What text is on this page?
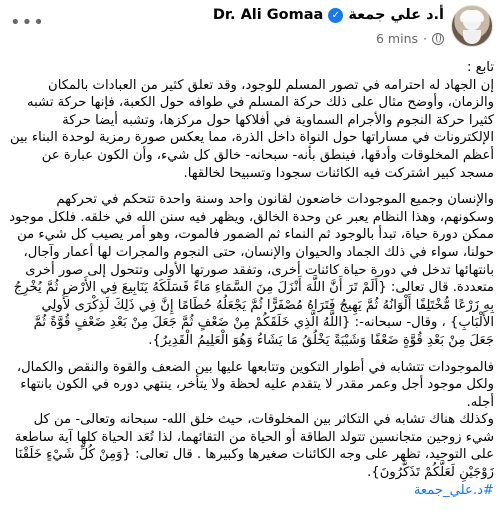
Dr. Ali Gomaa ✓ أ.د علي جمعة
6 mins ·
•••

تابع :

إن الجهاد له احترامه في تصور المسلم للوجود، وقد تعلق كثير من العبادات بالمكان والزمان، وأوضح مثال على ذلك حركة المسلم في طوافه حول الكعبة، فإنها حركة تشبه كثيرا حركة النجوم والأجرام السماوية في أفلاكها حول مركزها، وتشبه أيضا حركة الإلكترونات في مساراتها حول النواة داخل الذرة، مما يعكس صورة رمزية لوحدة البناء بين أعظم المخلوقات وأدقها، فينطق بأنه- سبحانه- خالق كل شيء، وأن الكون عبارة عن مسجد كبير اشتركت فيه الكائنات سجودا وتسبيحا لخالقها.

والإنسان وجميع الموجودات خاضعون لقانون واحد وسنة واحدة تتحكم في تحركهم وسكونهم، وهذا النظام يعبر عن وحدة الخالق، ويظهر فيه سنن الله في خلقه. فلكل موجود ممكن دورة حياة، تبدأ بالوجود ثم النماء ثم الضمور فالموت، وهو أمر يصيب كل شيء من حولنا، سواء في ذلك الجماد والحيوان والإنسان، حتى النجوم والمجرات لها أعمار وآجال، بانتهائها تدخل في دورة حياة كائنات أخرى، وتفقد صورتها الأولى وتتحول إلى صور أخرى متعددة. قال تعالى: {أَلَمْ تَرَ أَنَّ اللَّهَ أَنْزَلَ مِنَ السَّمَاءِ مَاءً فَسَلَكَهُ يَنَابِيعَ فِي الأَرْضِ ثُمَّ يُخْرِجُ بِهِ زَرْعًا مُّخْتَلِفًا أَلْوَانُهُ ثُمَّ يَهِيجُ فَتَرَاهُ مُصْفَرًّا ثُمَّ يَجْعَلُهُ حُطَامًا إِنَّ فِي ذَلِكَ لَذِكْرَى لأُولِي الأَلْبَابِ} ، وقال- سبحانه-: {اللَّهُ الَّذِي خَلَقَكُمْ مِنْ ضَعْفٍ ثُمَّ جَعَلَ مِنْ بَعْدِ ضَعْفٍ قُوَّةً ثُمَّ جَعَلَ مِنْ بَعْدِ قُوَّةٍ ضَعْفًا وَشَيْبَةً يَخْلُقُ مَا يَشَاءُ وَهُوَ الْعَلِيمُ الْقَدِيرُ}.

فالموجودات تتشابه في أطوار التكوين وتتابعها عليها بين الضعف والقوة والنقص والكمال، ولكل موجود أجل وعمر مقدر لا يتقدم عليه لحظة ولا يتأخر، ينتهي دوره في الكون بانتهاء أجله.

وكذلك هناك تشابه في التكاثر بين المخلوقات، حيث خلق الله- سبحانه وتعالى- من كل شيء زوجين متجانسين تتولد الطاقة أو الحياة من التقائهما، لذا تُعَد الحياة كلها آية ساطعة على التوحيد، تظهر على وجه الكائنات صغيرها وكبيرها . قال تعالى: {وَمِنْ كُلِّ شَيْءٍ خَلَقْنَا زَوْجَيْنِ لَعَلَّكُمْ تَذَكَّرُونَ}.

#د.علي_جمعة
